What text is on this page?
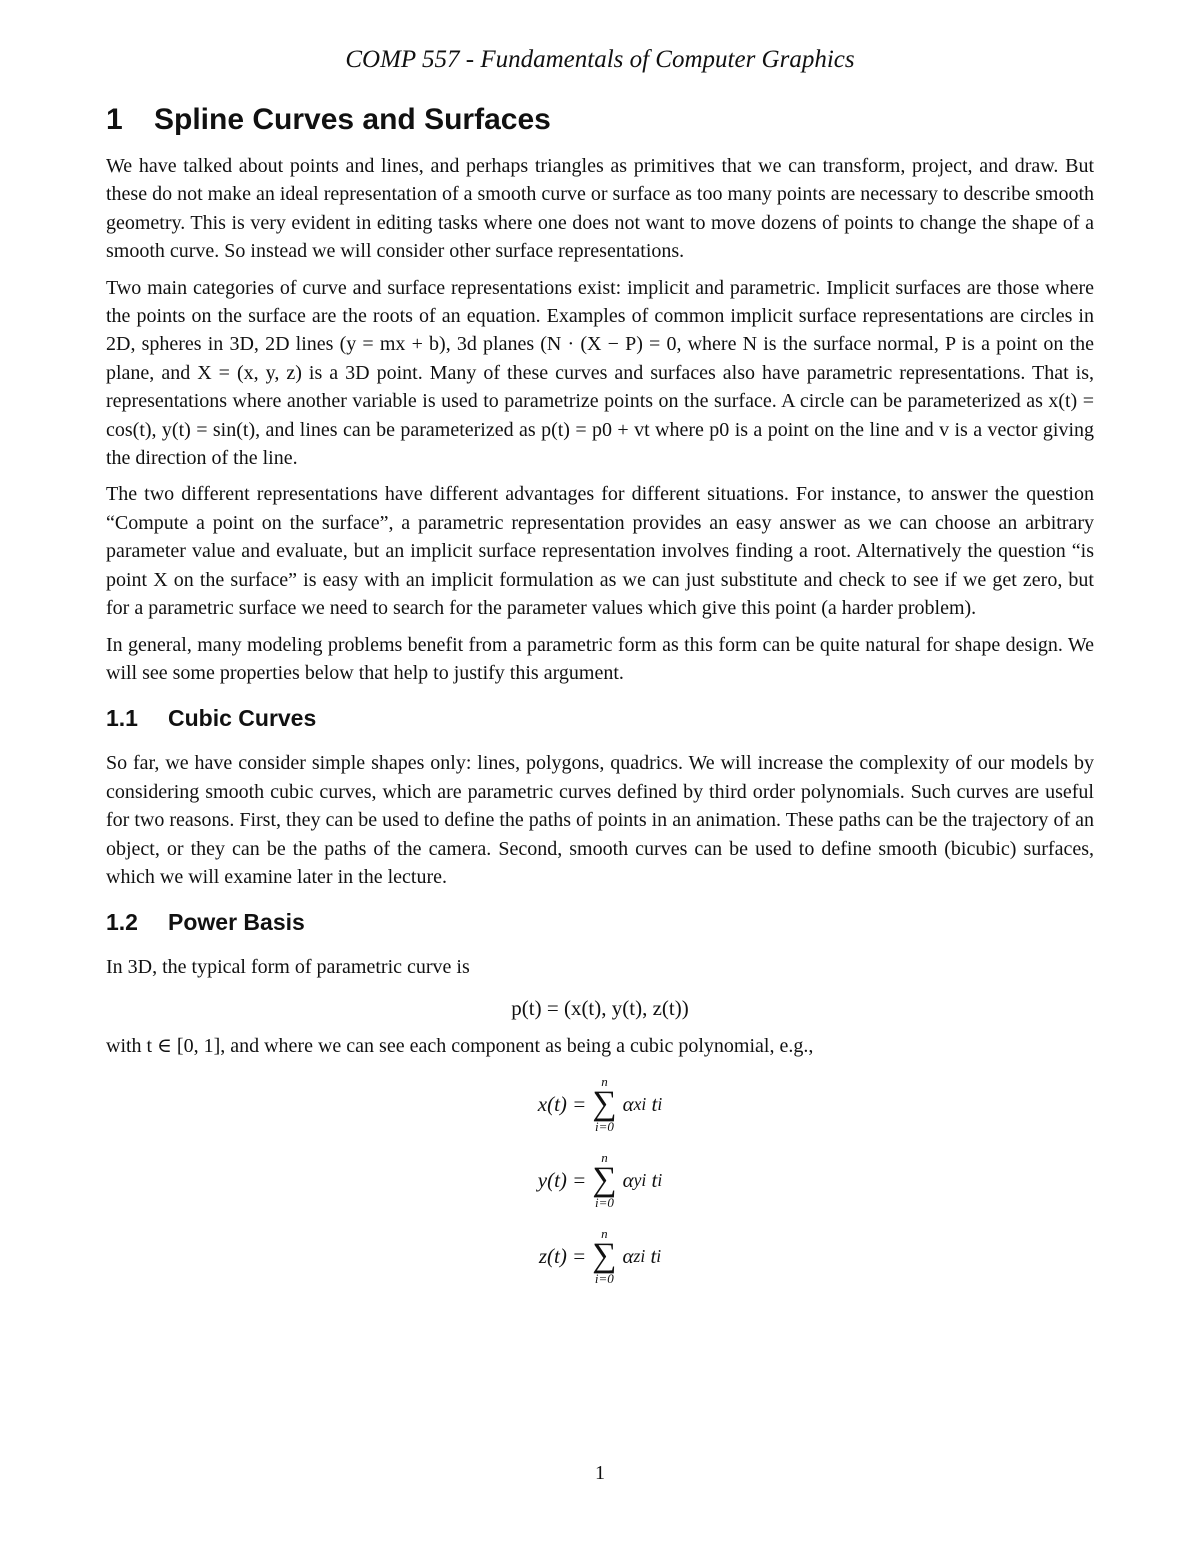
COMP 557 - Fundamentals of Computer Graphics
1 Spline Curves and Surfaces

We have talked about points and lines, and perhaps triangles as primitives that we can transform, project, and draw. But these do not make an ideal representation of a smooth curve or surface as too many points are necessary to describe smooth geometry. This is very evident in editing tasks where one does not want to move dozens of points to change the shape of a smooth curve. So instead we will consider other surface representations.

Two main categories of curve and surface representations exist: implicit and parametric. Implicit surfaces are those where the points on the surface are the roots of an equation. Examples of common implicit surface representations are circles in 2D, spheres in 3D, 2D lines (y = mx + b), 3d planes (N · (X − P) = 0, where N is the surface normal, P is a point on the plane, and X = (x, y, z) is a 3D point. Many of these curves and surfaces also have parametric representations. That is, representations where another variable is used to parametrize points on the surface. A circle can be parameterized as x(t) = cos(t), y(t) = sin(t), and lines can be parameterized as p(t) = p0 + vt where p0 is a point on the line and v is a vector giving the direction of the line.

The two different representations have different advantages for different situations. For instance, to answer the question “Compute a point on the surface”, a parametric representation provides an easy answer as we can choose an arbitrary parameter value and evaluate, but an implicit surface representation involves finding a root. Alternatively the question “is point X on the surface” is easy with an implicit formulation as we can just substitute and check to see if we get zero, but for a parametric surface we need to search for the parameter values which give this point (a harder problem).

In general, many modeling problems benefit from a parametric form as this form can be quite natural for shape design. We will see some properties below that help to justify this argument.

1.1 Cubic Curves

So far, we have consider simple shapes only: lines, polygons, quadrics. We will increase the complexity of our models by considering smooth cubic curves, which are parametric curves defined by third order polynomials. Such curves are useful for two reasons. First, they can be used to define the paths of points in an animation. These paths can be the trajectory of an object, or they can be the paths of the camera. Second, smooth curves can be used to define smooth (bicubic) surfaces, which we will examine later in the lecture.

1.2 Power Basis

In 3D, the typical form of parametric curve is

p(t) = (x(t), y(t), z(t))

with t ∈ [0, 1], and where we can see each component as being a cubic polynomial, e.g.,

x(t) =
n
∑
i=0
α xi
t i
y(t) =
n
∑
i=0
α yi
t i
z(t) =
n
∑
i=0
α zi
t i
1
